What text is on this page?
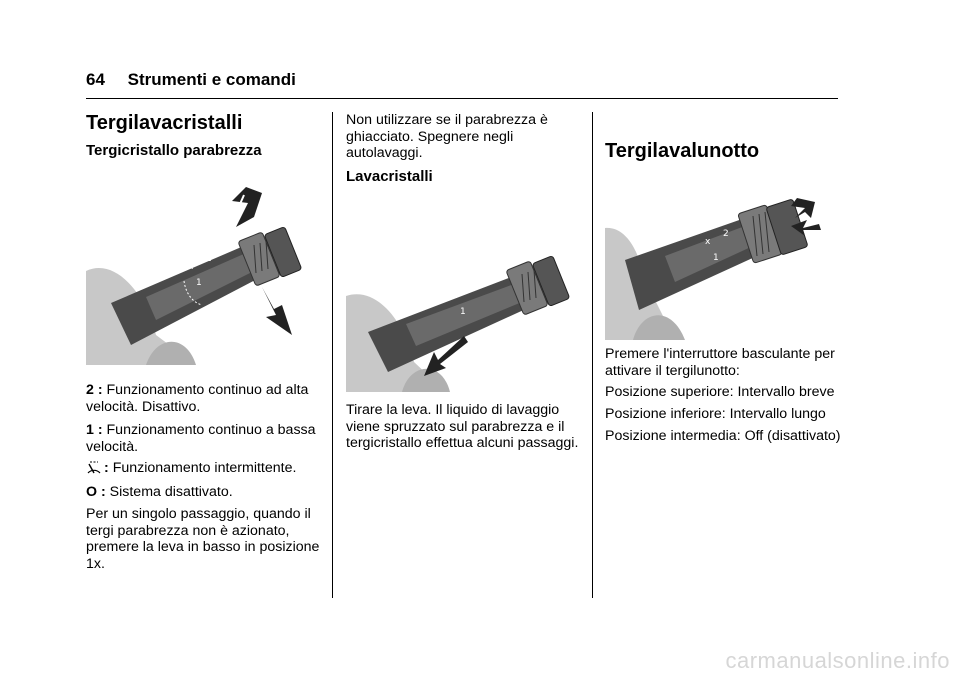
64 Strumenti e comandi
Tergilavacristalli
Tergicristallo parabrezza
x
1
2
2 : Funzionamento continuo ad alta velocità. Disattivo.
1 : Funzionamento continuo a bassa velocità.
: Funzionamento intermittente.
O : Sistema disattivato.

Per un singolo passaggio, quando il tergi parabrezza non è azionato, premere la leva in basso in posizione 1x.

Non utilizzare se il parabrezza è ghiacciato. Spegnere negli autolavaggi.

Lavacristalli
x
1
2

Tirare la leva. Il liquido di lavaggio viene spruzzato sul parabrezza e il tergicristallo effettua alcuni passaggi.

Tergilavalunotto
x
1
2

Premere l'interruttore basculante per attivare il tergilunotto:

Posizione superiore: Intervallo breve

Posizione inferiore: Intervallo lungo

Posizione intermedia: Off (disattivato)

carmanualsonline.info
